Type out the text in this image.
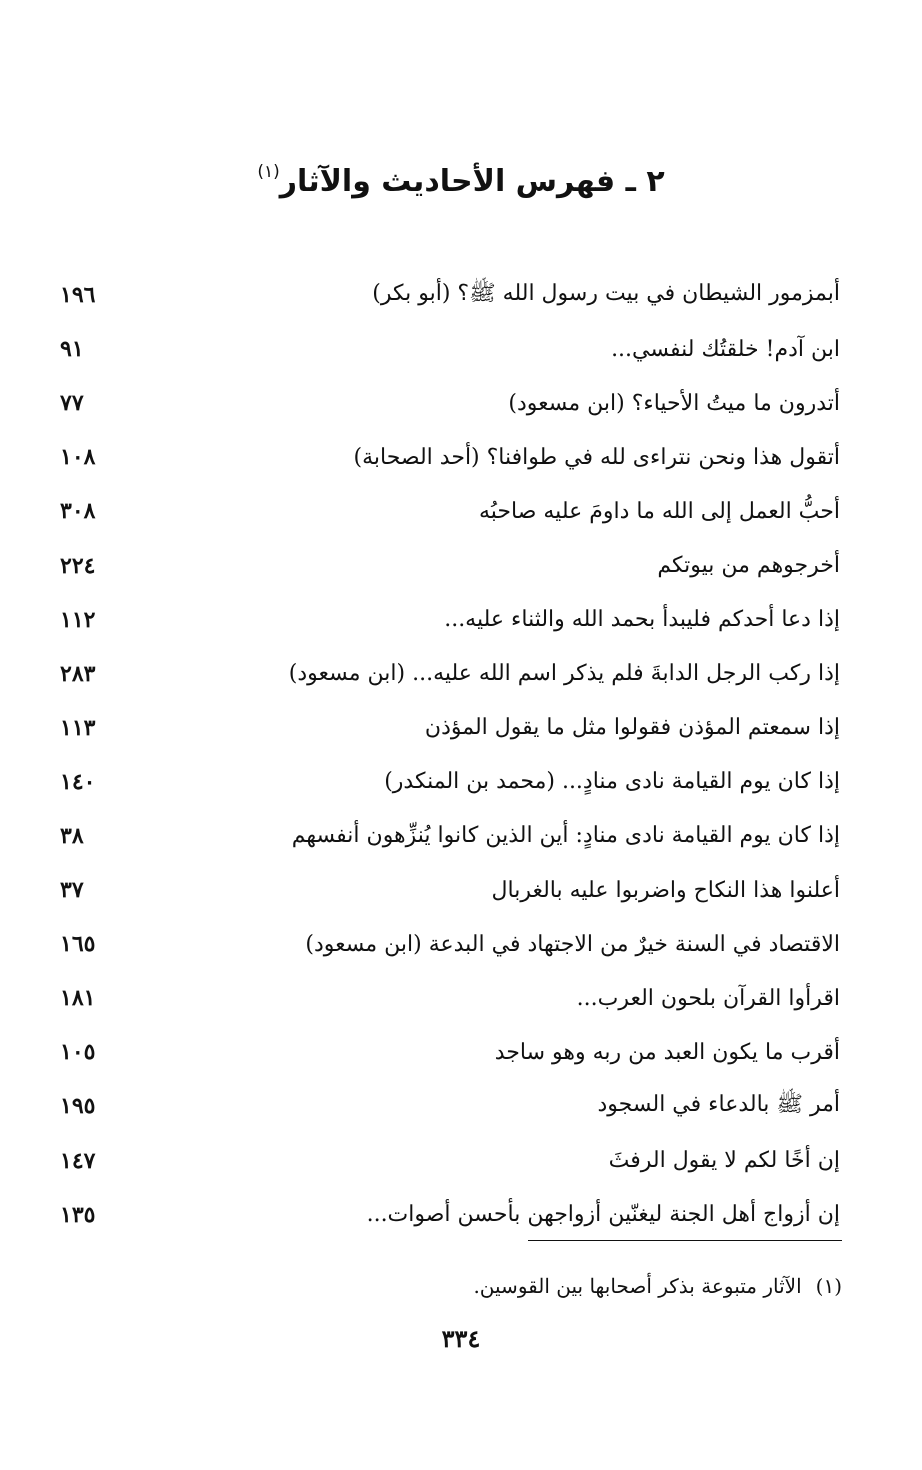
٢ ـ فهرس الأحاديث والآثار$^{(١)}$
أبمزمور الشيطان في بيت رسول الله ﷺ؟ (أبو بكر)
١٩٦
ابن آدم! خلقتُك لنفسي...
٩١
أتدرون ما ميتُ الأحياء؟ (ابن مسعود)
٧٧
أتقول هذا ونحن نتراءى لله في طوافنا؟ (أحد الصحابة)
١٠٨
أحبُّ العمل إلى الله ما داومَ عليه صاحبُه
٣٠٨
أخرجوهم من بيوتكم
٢٢٤
إذا دعا أحدكم فليبدأ بحمد الله والثناء عليه...
١١٢
إذا ركب الرجل الدابةَ فلم يذكر اسم الله عليه... (ابن مسعود)
٢٨٣
إذا سمعتم المؤذن فقولوا مثل ما يقول المؤذن
١١٣
إذا كان يوم القيامة نادى منادٍ... (محمد بن المنكدر)
١٤٠
إذا كان يوم القيامة نادى منادٍ: أين الذين كانوا يُنزِّهون أنفسهم
٣٨
أعلنوا هذا النكاح واضربوا عليه بالغربال
٣٧
الاقتصاد في السنة خيرٌ من الاجتهاد في البدعة (ابن مسعود)
١٦٥
اقرأوا القرآن بلحون العرب...
١٨١
أقرب ما يكون العبد من ربه وهو ساجد
١٠٥
أمر ﷺ بالدعاء في السجود
١٩٥
إن أخًا لكم لا يقول الرفثَ
١٤٧
إن أزواج أهل الجنة ليغنّين أزواجهن بأحسن أصوات...
١٣٥
(١)الآثار متبوعة بذكر أصحابها بين القوسين.
٣٣٤
